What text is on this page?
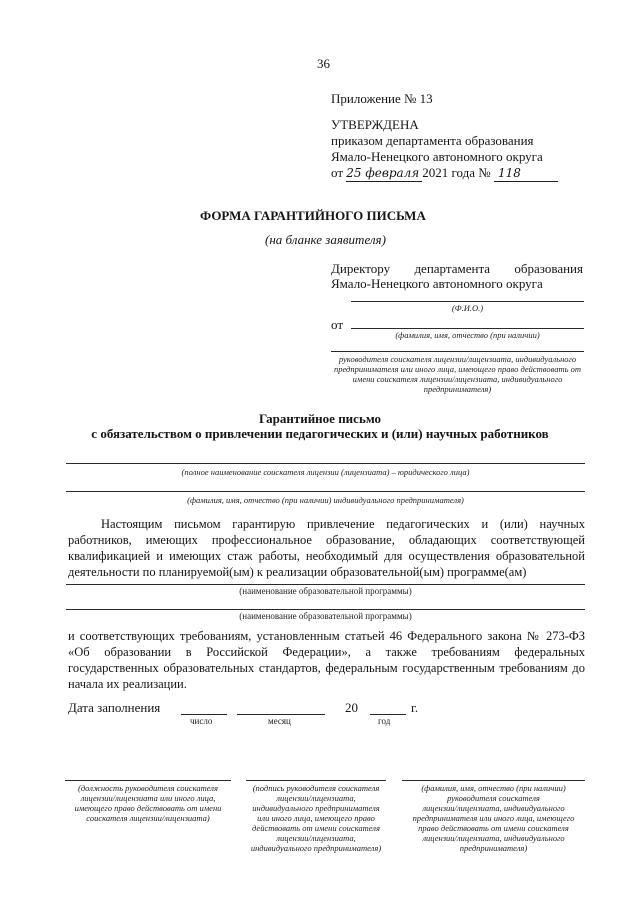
36
Приложение № 13
УТВЕРЖДЕНА
приказом департамента образования
Ямало-Ненецкого автономного округа
от 25 февраля 2021 года № 118
ФОРМА ГАРАНТИЙНОГО ПИСЬМА
(на бланке заявителя)
Директору департамента образования
Ямало-Ненецкого автономного округа
(Ф.И.О.)
от
(фамилия, имя, отчество (при наличии)
руководителя соискателя лицензии/лицензиата, индивидуального
предпринимателя или иного лица, имеющего право действовать от
имени соискателя лицензии/лицензиата, индивидуального
предпринимателя)
Гарантийное письмо
с обязательством о привлечении педагогических и (или) научных работников
(полное наименование соискателя лицензии (лицензиата) – юридического лица)
(фамилия, имя, отчество (при наличии) индивидуального предпринимателя)
Настоящим письмом гарантирую привлечение педагогических и (или) научных работников, имеющих профессиональное образование, обладающих соответствующей квалификацией и имеющих стаж работы, необходимый для осуществления образовательной деятельности по планируемой(ым) к реализации образовательной(ым) программе(ам)
(наименование образовательной программы)
(наименование образовательной программы)
и соответствующих требованиям, установленным статьей 46 Федерального закона № 273-ФЗ «Об образовании в Российской Федерации», а также требованиям федеральных государственных образовательных стандартов, федеральным государственным требованиям до начала их реализации.
Дата заполнения	20	г.
число	месяц	год
(должность руководителя соискателя
лицензии/лицензиата или иного лица,
имеющего право действовать от имени
соискателя лицензии/лицензиата)
(подпись руководителя соискателя
лицензии/лицензиата,
индивидуального предпринимателя
или иного лица, имеющего право
действовать от имени соискателя
лицензии/лицензиата,
индивидуального предпринимателя)
(фамилия, имя, отчество (при наличии)
руководителя соискателя
лицензии/лицензиата, индивидуального
предпринимателя или иного лица, имеющего
право действовать от имени соискателя
лицензии/лицензиата, индивидуального
предпринимателя)
